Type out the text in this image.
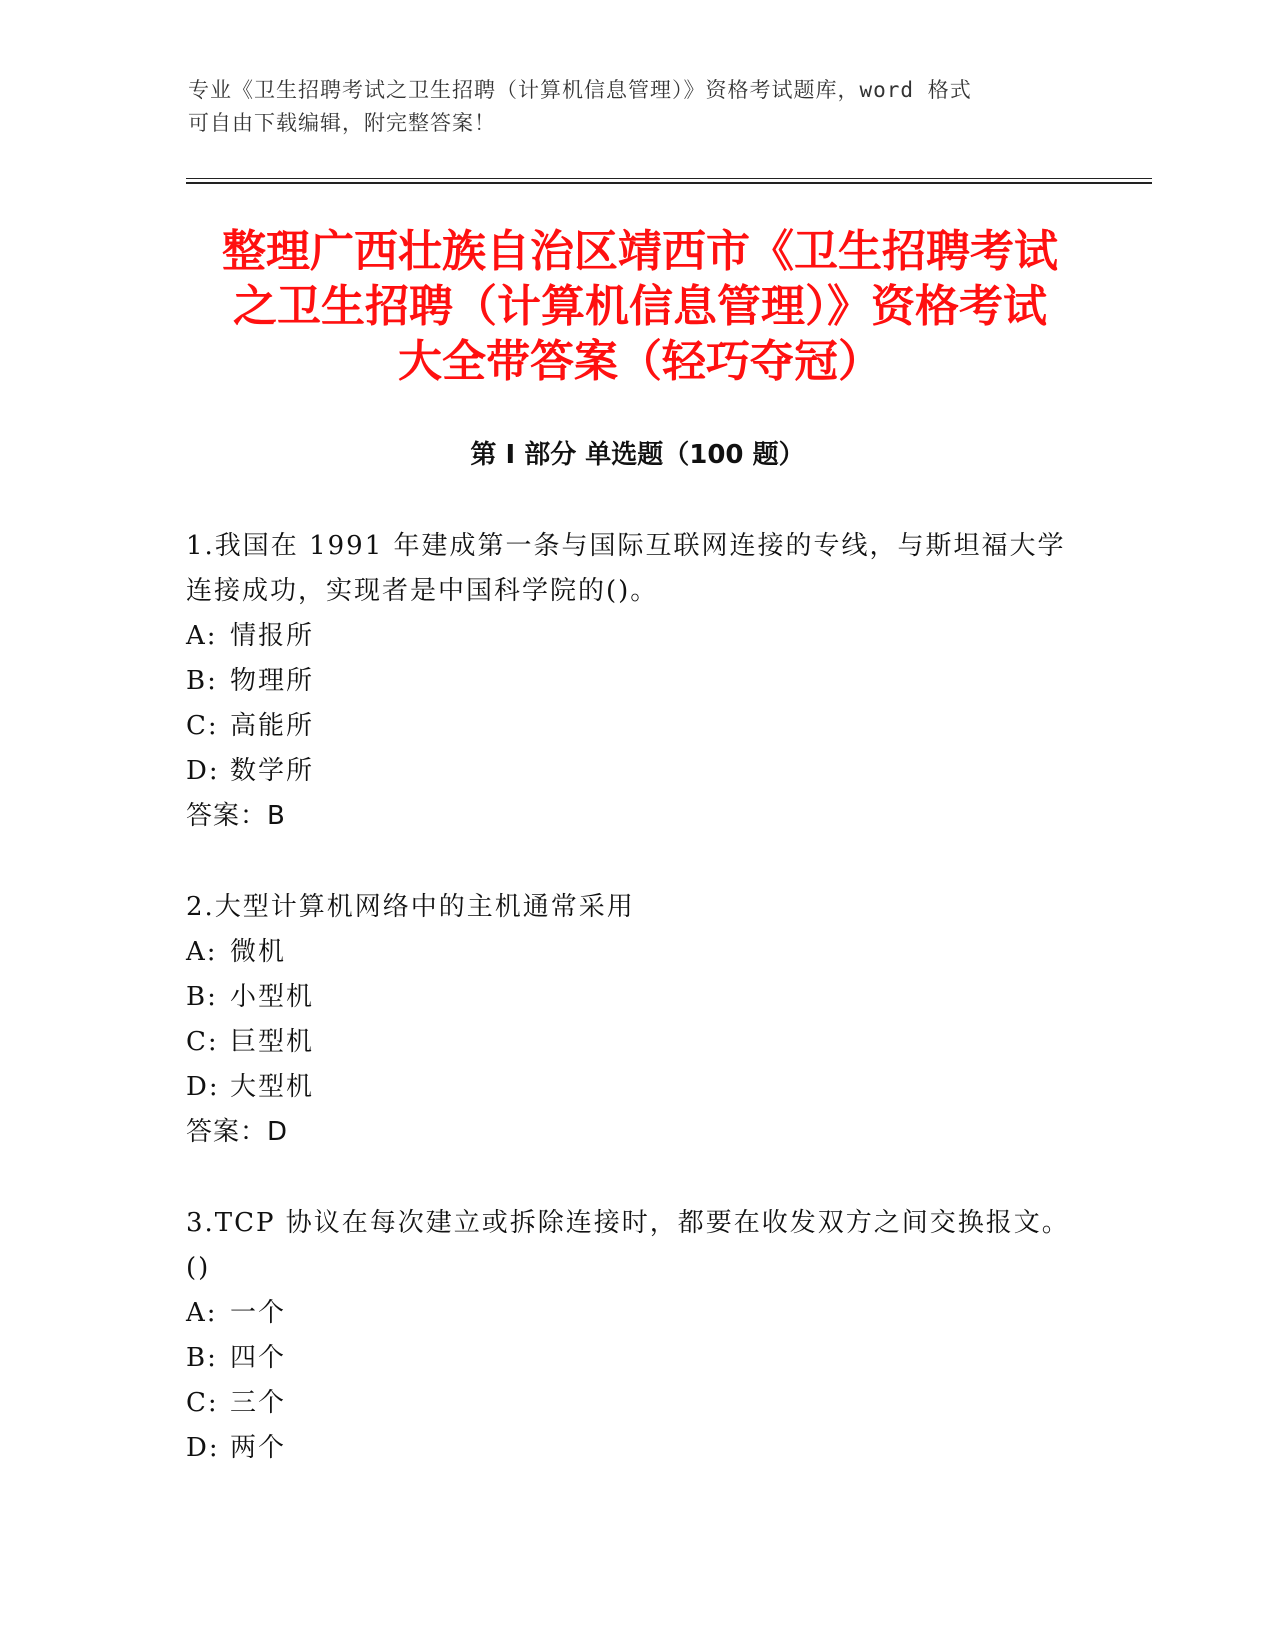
专业《卫生招聘考试之卫生招聘（计算机信息管理）》资格考试题库，word 格式
可自由下载编辑，附完整答案！
整理广西壮族自治区靖西市《卫生招聘考试
之卫生招聘（计算机信息管理）》资格考试
大全带答案（轻巧夺冠）
第 I 部分 单选题（100 题）
1.我国在 1991 年建成第一条与国际互联网连接的专线，与斯坦福大学
连接成功，实现者是中国科学院的()。
A: 情报所
B: 物理所
C: 高能所
D: 数学所
答案：B
2.大型计算机网络中的主机通常采用
A: 微机
B: 小型机
C: 巨型机
D: 大型机
答案：D
3.TCP 协议在每次建立或拆除连接时，都要在收发双方之间交换报文。
()
A: 一个
B: 四个
C: 三个
D: 两个
